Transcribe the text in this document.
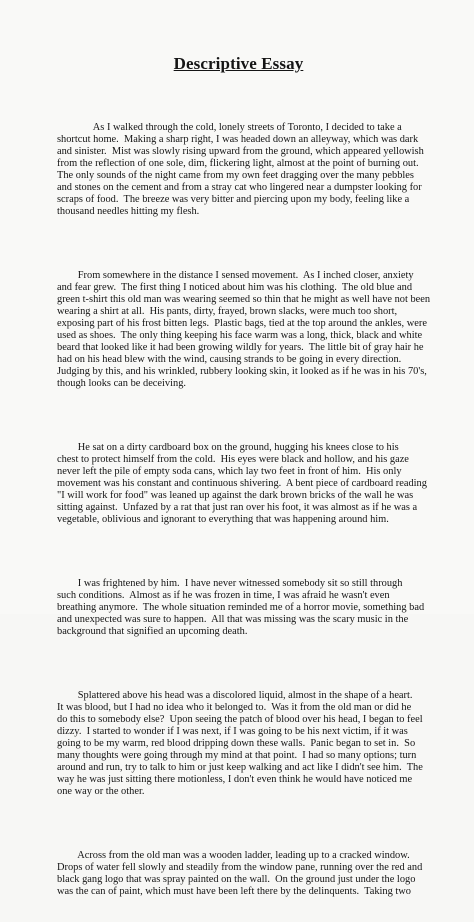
Descriptive Essay

As I walked through the cold, lonely streets of Toronto, I decided to take a
shortcut home.  Making a sharp right, I was headed down an alleyway, which was dark
and sinister.  Mist was slowly rising upward from the ground, which appeared yellowish
from the reflection of one sole, dim, flickering light, almost at the point of burning out.
The only sounds of the night came from my own feet dragging over the many pebbles
and stones on the cement and from a stray cat who lingered near a dumpster looking for
scraps of food.  The breeze was very bitter and piercing upon my body, feeling like a
thousand needles hitting my flesh.

From somewhere in the distance I sensed movement.  As I inched closer, anxiety
and fear grew.  The first thing I noticed about him was his clothing.  The old blue and
green t-shirt this old man was wearing seemed so thin that he might as well have not been
wearing a shirt at all.  His pants, dirty, frayed, brown slacks, were much too short,
exposing part of his frost bitten legs.  Plastic bags, tied at the top around the ankles, were
used as shoes.  The only thing keeping his face warm was a long, thick, black and white
beard that looked like it had been growing wildly for years.  The little bit of gray hair he
had on his head blew with the wind, causing strands to be going in every direction.
Judging by this, and his wrinkled, rubbery looking skin, it looked as if he was in his 70's,
though looks can be deceiving.

He sat on a dirty cardboard box on the ground, hugging his knees close to his
chest to protect himself from the cold.  His eyes were black and hollow, and his gaze
never left the pile of empty soda cans, which lay two feet in front of him.  His only
movement was his constant and continuous shivering.  A bent piece of cardboard reading
"I will work for food" was leaned up against the dark brown bricks of the wall he was
sitting against.  Unfazed by a rat that just ran over his foot, it was almost as if he was a
vegetable, oblivious and ignorant to everything that was happening around him.

I was frightened by him.  I have never witnessed somebody sit so still through
such conditions.  Almost as if he was frozen in time, I was afraid he wasn't even
breathing anymore.  The whole situation reminded me of a horror movie, something bad
and unexpected was sure to happen.  All that was missing was the scary music in the
background that signified an upcoming death.

Splattered above his head was a discolored liquid, almost in the shape of a heart.
It was blood, but I had no idea who it belonged to.  Was it from the old man or did he
do this to somebody else?  Upon seeing the patch of blood over his head, I began to feel
dizzy.  I started to wonder if I was next, if I was going to be his next victim, if it was
going to be my warm, red blood dripping down these walls.  Panic began to set in.  So
many thoughts were going through my mind at that point.  I had so many options; turn
around and run, try to talk to him or just keep walking and act like I didn't see him.  The
way he was just sitting there motionless, I don't even think he would have noticed me
one way or the other.

Across from the old man was a wooden ladder, leading up to a cracked window.
Drops of water fell slowly and steadily from the window pane, running over the red and
black gang logo that was spray painted on the wall.  On the ground just under the logo
was the can of paint, which must have been left there by the delinquents.  Taking two
